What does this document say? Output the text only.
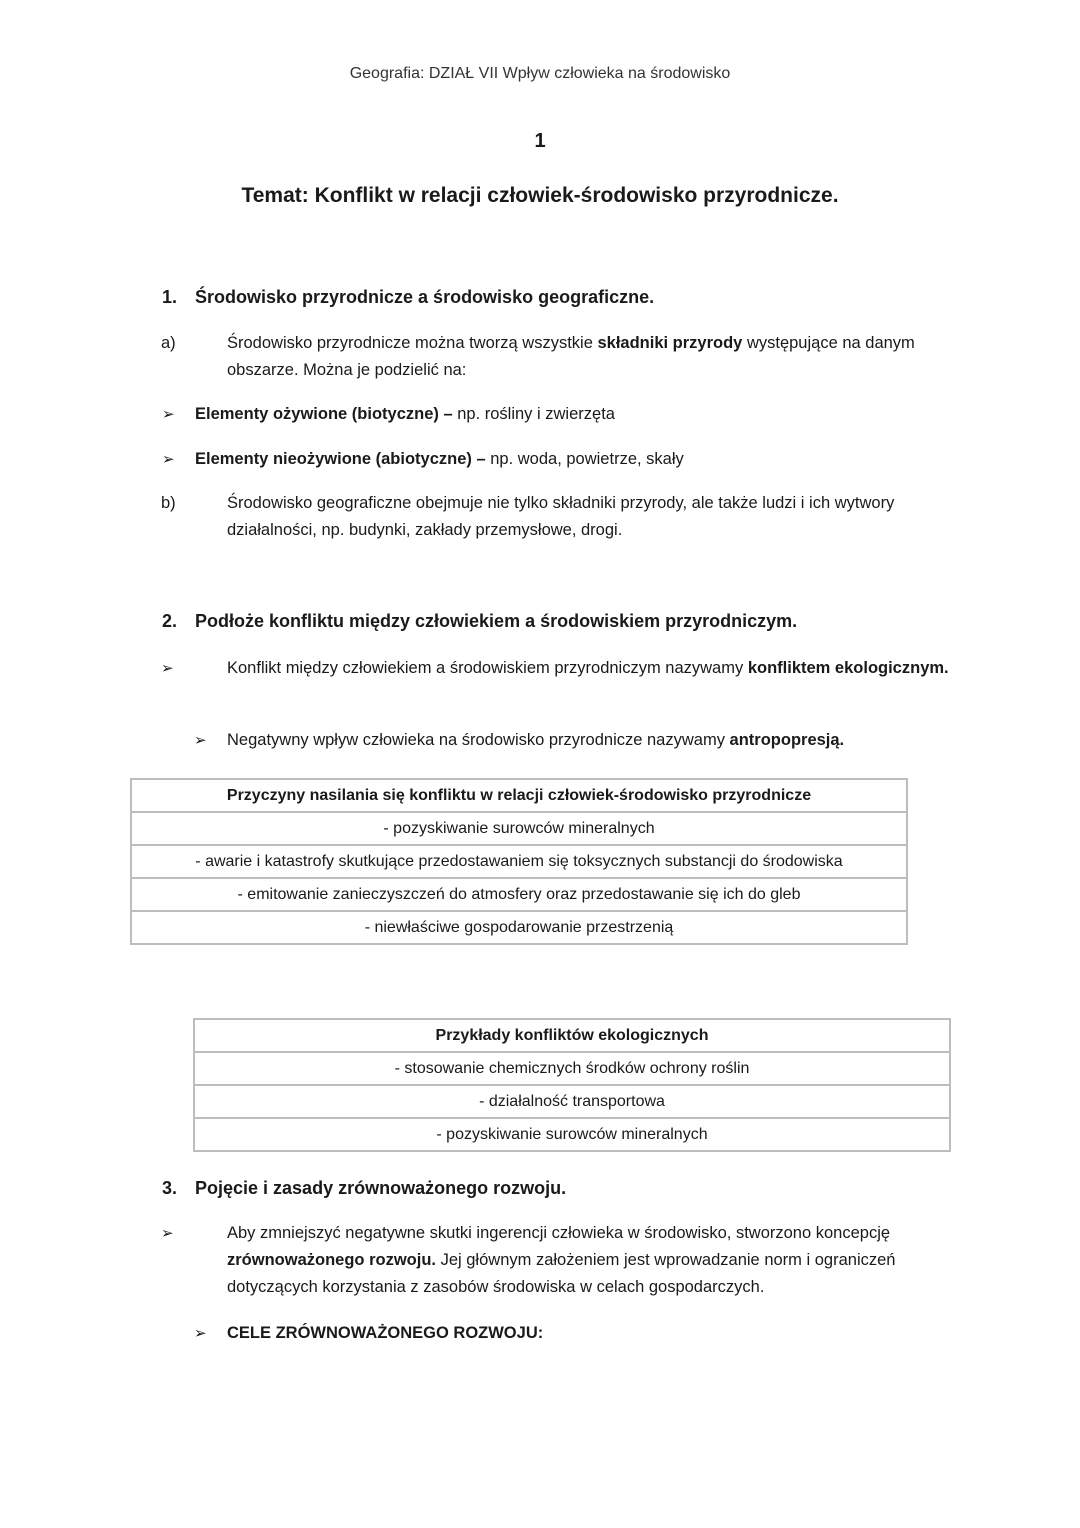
Geografia: DZIAŁ VII Wpływ człowieka na środowisko
1
Temat: Konflikt w relacji człowiek-środowisko przyrodnicze.
1. Środowisko przyrodnicze a środowisko geograficzne.
a)	Środowisko przyrodnicze można tworzą wszystkie składniki przyrody występujące na danym obszarze. Można je podzielić na:
➢ Elementy ożywione (biotyczne) – np. rośliny i zwierzęta
➢ Elementy nieożywione (abiotyczne) – np. woda, powietrze, skały
b)	Środowisko geograficzne obejmuje nie tylko składniki przyrody, ale także ludzi i ich wytwory działalności, np. budynki, zakłady przemysłowe, drogi.
2. Podłoże konfliktu między człowiekiem a środowiskiem przyrodniczym.
➢	Konflikt między człowiekiem a środowiskiem przyrodniczym nazywamy konfliktem ekologicznym.
➢ Negatywny wpływ człowieka na środowisko przyrodnicze nazywamy antropopresją.
Przyczyny nasilania się konfliktu w relacji człowiek-środowisko przyrodnicze
- pozyskiwanie surowców mineralnych
- awarie i katastrofy skutkujące przedostawaniem się toksycznych substancji do środowiska
- emitowanie zanieczyszczeń do atmosfery oraz przedostawanie się ich do gleb
- niewłaściwe gospodarowanie przestrzenią
Przykłady konfliktów ekologicznych
- stosowanie chemicznych środków ochrony roślin
- działalność transportowa
- pozyskiwanie surowców mineralnych
3. Pojęcie i zasady zrównoważonego rozwoju.
➢	Aby zmniejszyć negatywne skutki ingerencji człowieka w środowisko, stworzono koncepcję zrównoważonego rozwoju. Jej głównym założeniem jest wprowadzanie norm i ograniczeń dotyczących korzystania z zasobów środowiska w celach gospodarczych.
➢ CELE ZRÓWNOWAŻONEGO ROZWOJU:
